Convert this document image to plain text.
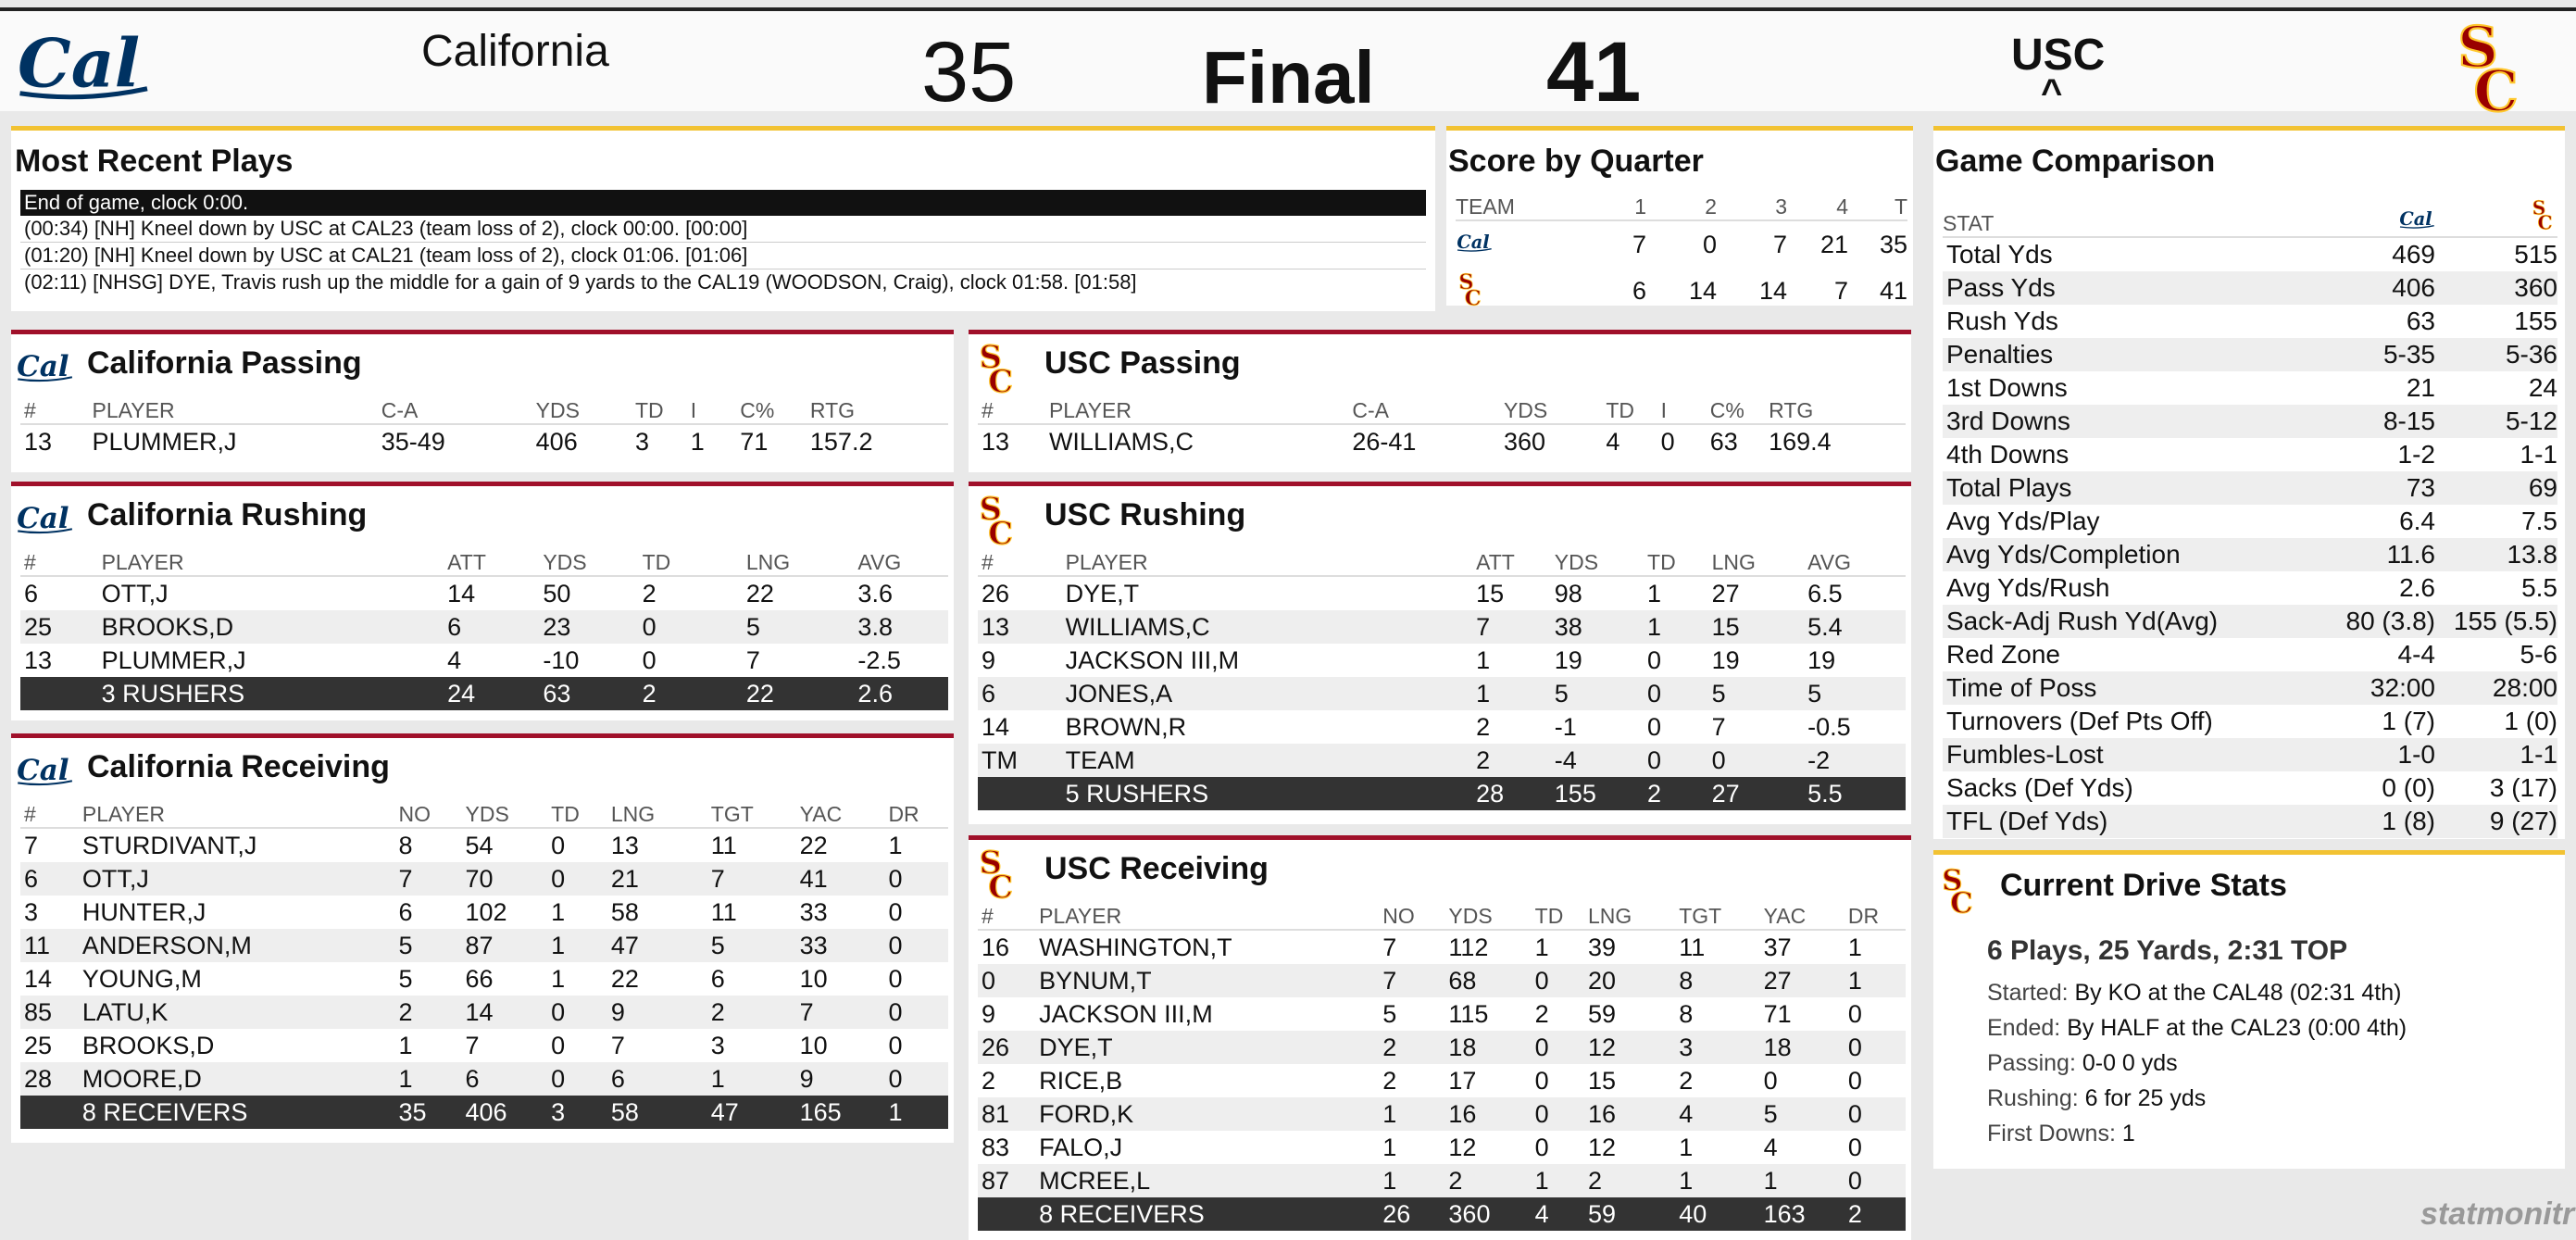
California	35	Final 41	USC
^
Most Recent Plays
End of game, clock 0:00.
(00:34) [NH] Kneel down by USC at CAL23 (team loss of 2), clock 00:00. [00:00]
(01:20) [NH] Kneel down by USC at CAL21 (team loss of 2), clock 01:06. [01:06]
(02:11) [NHSG] DYE, Travis rush up the middle for a gain of 9 yards to the CAL19 (WOODSON, Craig), clock 01:58. [01:58]
Score by Quarter
TEAM	1	2	3	4	T
	7	0	7	21	35
	6	14	14	7	41
Game Comparison
STAT		
Total Yds	469	515
Pass Yds	406	360
Rush Yds	63	155
Penalties	5-35	5-36
1st Downs	21	24
3rd Downs	8-15	5-12
4th Downs	1-2	1-1
Total Plays	73	69
Avg Yds/Play	6.4	7.5
Avg Yds/Completion	11.6	13.8
Avg Yds/Rush	2.6	5.5
Sack-Adj Rush Yd(Avg)	80 (3.8)	155 (5.5)
Red Zone	4-4	5-6
Time of Poss	32:00	28:00
Turnovers (Def Pts Off)	1 (7)	1 (0)
Fumbles-Lost	1-0	1-1
Sacks (Def Yds)	0 (0)	3 (17)
TFL (Def Yds)	1 (8)	9 (27)
California Passing
#	PLAYER	C-A	YDS	TD	I	C%	RTG
13	PLUMMER,J	35-49	406	3	1	71	157.2
USC Passing
#	PLAYER	C-A	YDS	TD	I	C%	RTG
13	WILLIAMS,C	26-41	360	4	0	63	169.4
California Rushing
#	PLAYER	ATT	YDS	TD	LNG	AVG
6	OTT,J	14	50	2	22	3.6
25	BROOKS,D	6	23	0	5	3.8
13	PLUMMER,J	4	-10	0	7	-2.5
	3 RUSHERS	24	63	2	22	2.6
USC Rushing
#	PLAYER	ATT	YDS	TD	LNG	AVG
26	DYE,T	15	98	1	27	6.5
13	WILLIAMS,C	7	38	1	15	5.4
9	JACKSON III,M	1	19	0	19	19
6	JONES,A	1	5	0	5	5
14	BROWN,R	2	-1	0	7	-0.5
TM	TEAM	2	-4	0	0	-2
	5 RUSHERS	28	155	2	27	5.5
California Receiving
#	PLAYER	NO	YDS	TD	LNG	TGT	YAC	DR
7	STURDIVANT,J	8	54	0	13	11	22	1
6	OTT,J	7	70	0	21	7	41	0
3	HUNTER,J	6	102	1	58	11	33	0
11	ANDERSON,M	5	87	1	47	5	33	0
14	YOUNG,M	5	66	1	22	6	10	0
85	LATU,K	2	14	0	9	2	7	0
25	BROOKS,D	1	7	0	7	3	10	0
28	MOORE,D	1	6	0	6	1	9	0
	8 RECEIVERS	35	406	3	58	47	165	1
USC Receiving
#	PLAYER	NO	YDS	TD	LNG	TGT	YAC	DR
16	WASHINGTON,T	7	112	1	39	11	37	1
0	BYNUM,T	7	68	0	20	8	27	1
9	JACKSON III,M	5	115	2	59	8	71	0
26	DYE,T	2	18	0	12	3	18	0
2	RICE,B	2	17	0	15	2	0	0
81	FORD,K	1	16	0	16	4	5	0
83	FALO,J	1	12	0	12	1	4	0
87	MCREE,L	1	2	1	2	1	1	0
	8 RECEIVERS	26	360	4	59	40	163	2
Current Drive Stats
6 Plays, 25 Yards, 2:31 TOP
Started: By KO at the CAL48 (02:31 4th)
Ended: By HALF at the CAL23 (0:00 4th)
Passing: 0-0 0 yds
Rushing: 6 for 25 yds
First Downs: 1
statmonitr
